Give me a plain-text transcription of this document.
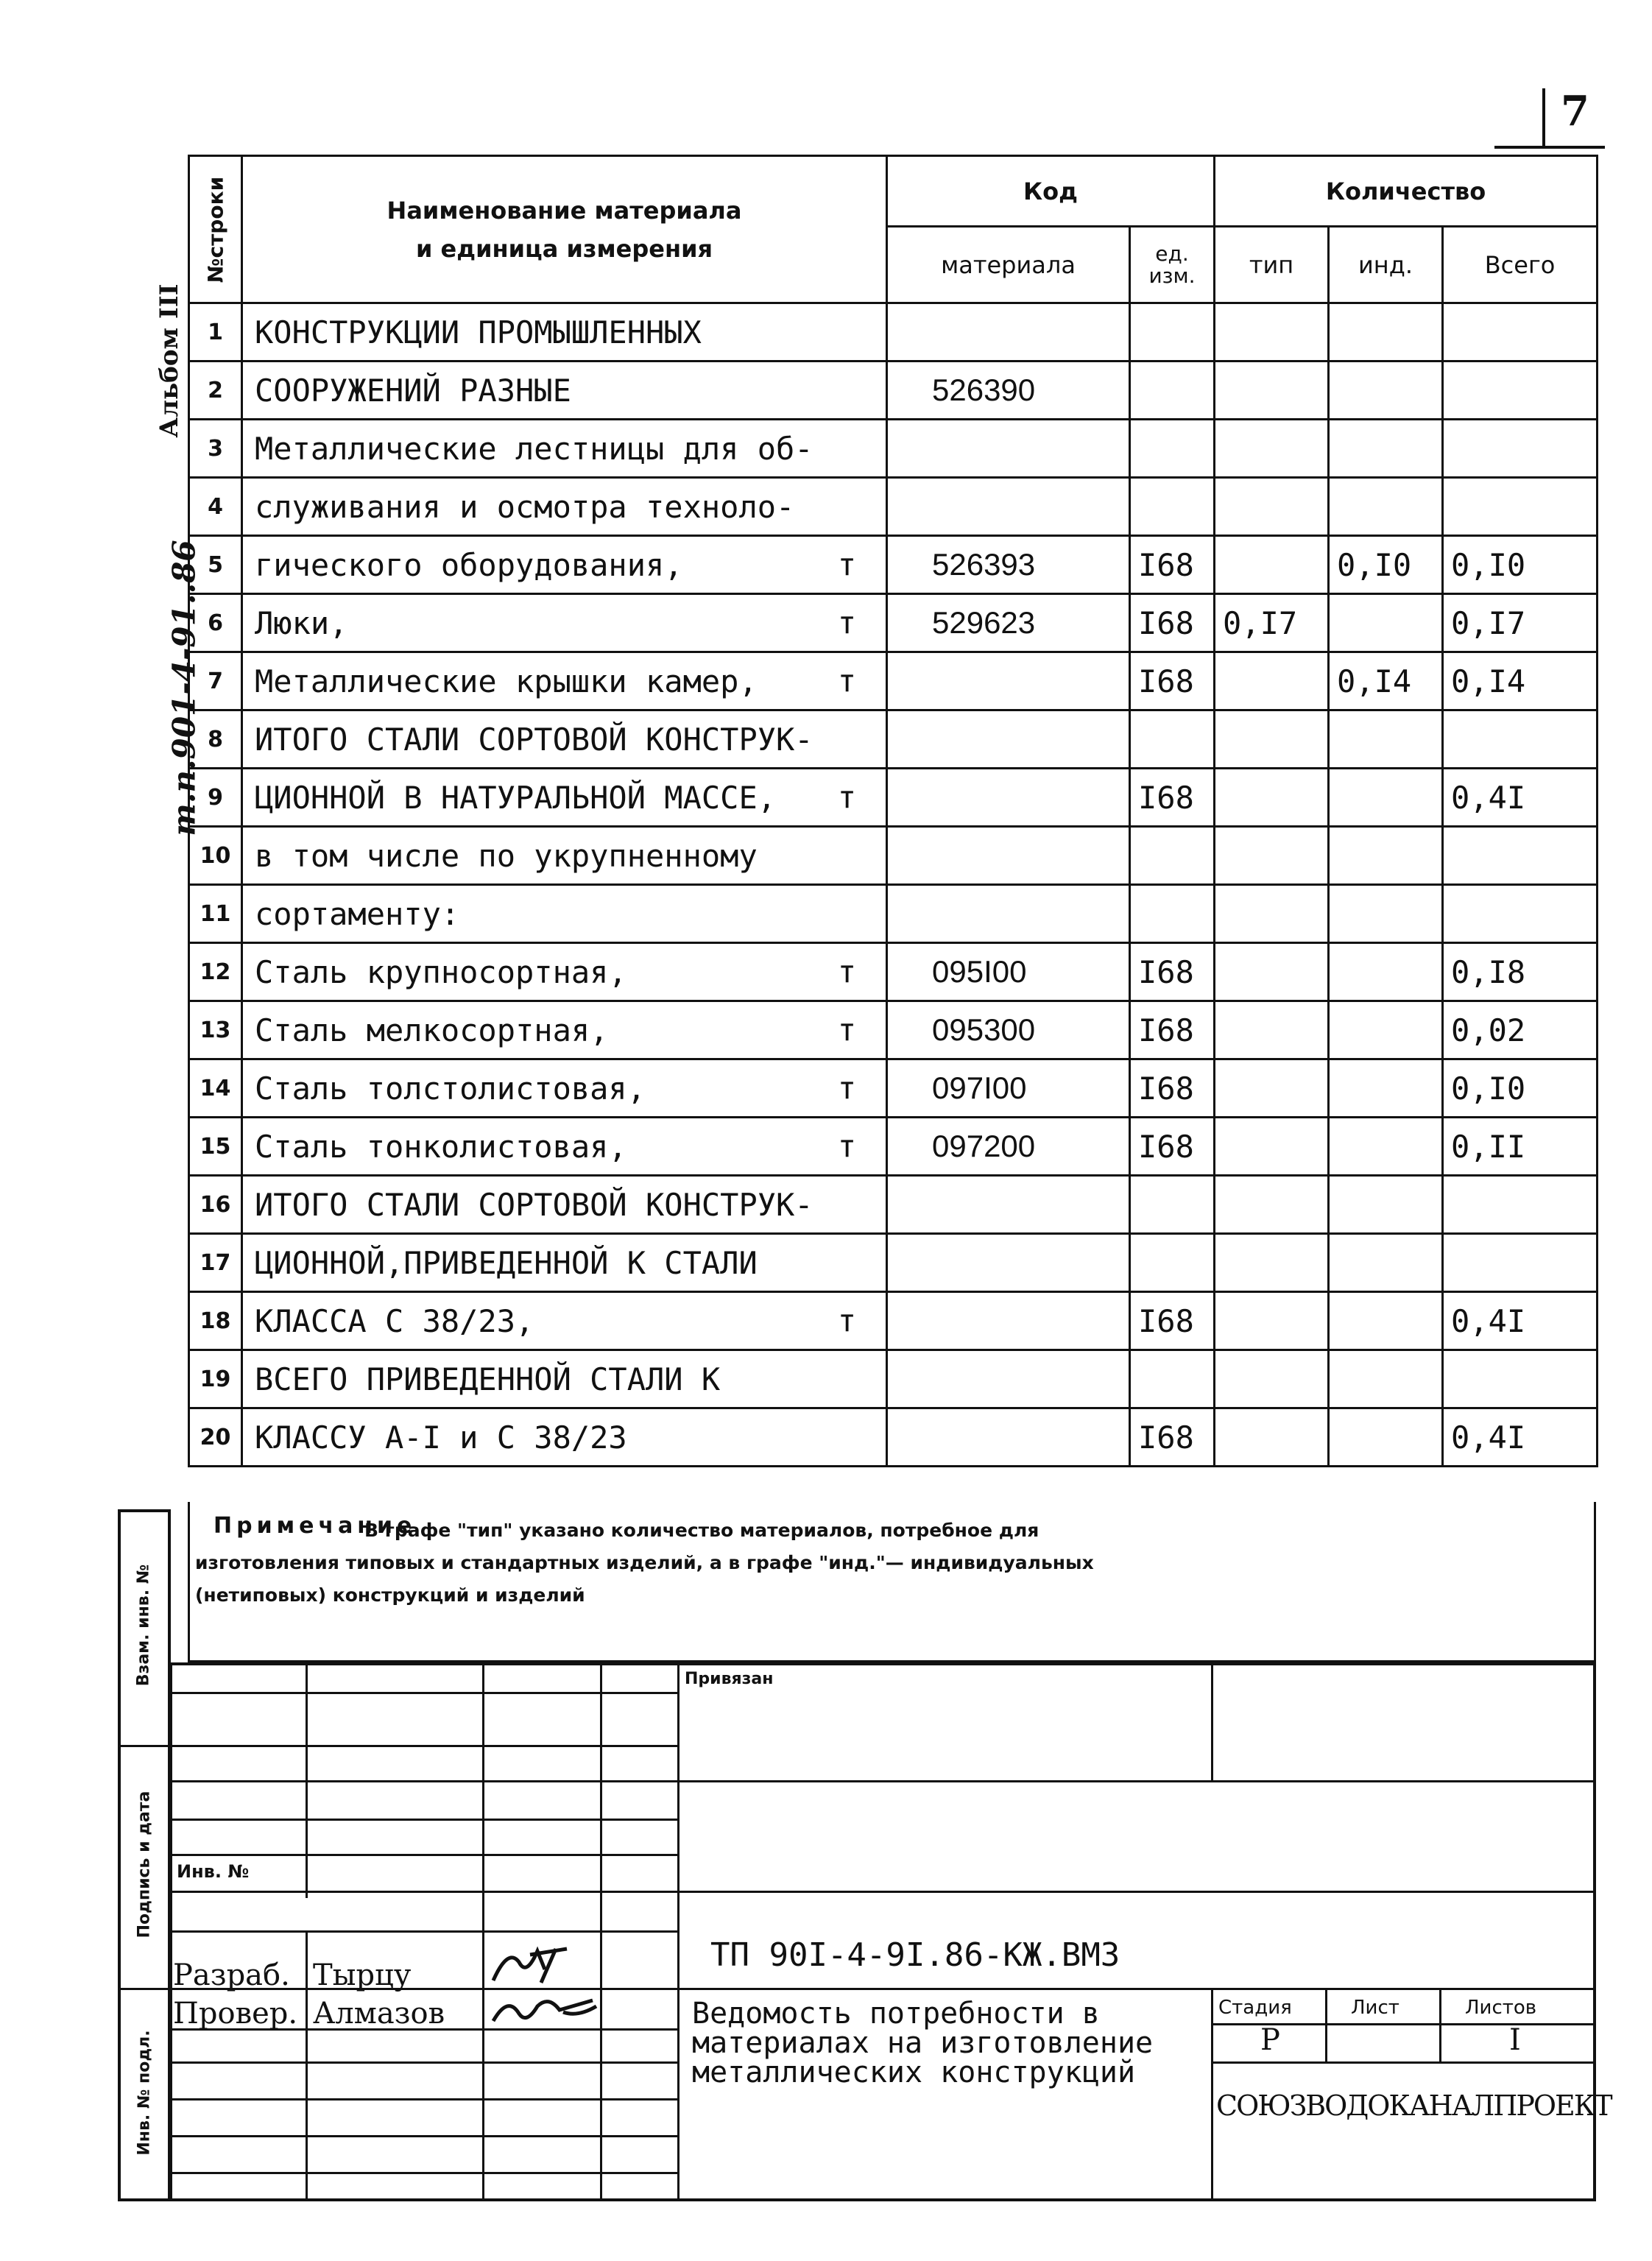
7
Альбом III
т.п.901-4-91..86
№строки	Наименование материала
и единица измерения	Код		Количество		
		материала	ед. изм.	тип	инд.	Всего
1	КОНСТРУКЦИИ ПРОМЫШЛЕННЫХ					
2	СООРУЖЕНИЙ РАЗНЫЕ	526390				
3	Металлические лестницы для об-					
4	служивания и осмотра техноло-					
5	гического оборудования, т	526393	I68		0,I0	0,I0
6	Люки, т	529623	I68	0,I7		0,I7
7	Металлические крышки камер, т		I68		0,I4	0,I4
8	ИТОГО СТАЛИ СОРТОВОЙ КОНСТРУК-					
9	ЦИОННОЙ В НАТУРАЛЬНОЙ МАССЕ, т		I68			0,4I
10	в том числе по укрупненному					
11	сортаменту:					
12	Сталь крупносортная, т	095I00	I68			0,I8
13	Сталь мелкосортная, т	095300	I68			0,02
14	Сталь толстолистовая, т	097I00	I68			0,I0
15	Сталь тонколистовая, т	097200	I68			0,II
16	ИТОГО СТАЛИ СОРТОВОЙ КОНСТРУК-					
17	ЦИОННОЙ,ПРИВЕДЕННОЙ К СТАЛИ					
18	КЛАССА С 38/23, т		I68			0,4I
19	ВСЕГО ПРИВЕДЕННОЙ СТАЛИ К					
20	КЛАССУ А-I и С 38/23		I68			0,4I
Примечание
В графе "тип" указано количество материалов, потребное для изготовления типовых и стандартных изделий, а в графе "инд."— индивидуальных (нетиповых) конструкций и изделий
Взам. инв. №
Подпись и дата
Инв. № подл.
Привязан
Инв. №
ТП 90I-4-9I.86-КЖ.ВМ3
Разраб. Тырцу
Провер. Алмазов	Ведомость потребности в
материалах на изготовление
металлических конструкций
Стадия	Лист	Листов
Р	I
СОЮЗВОДОКАНАЛПРОЕКТ
